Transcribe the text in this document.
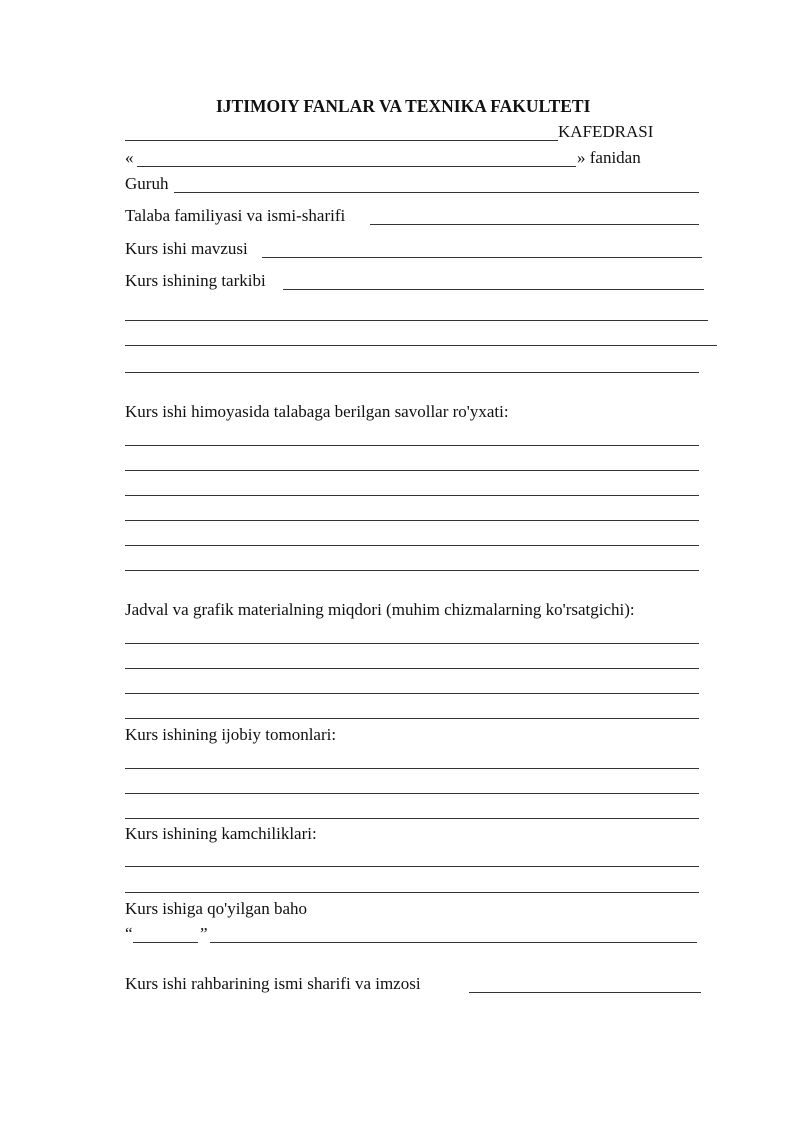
IJTIMOIY FANLAR VA TEXNIKA FAKULTETI
KAFEDRASI
«	» fanidan
Guruh
Talaba familiyasi va ismi-sharifi
Kurs ishi mavzusi
Kurs ishining tarkibi
Kurs ishi himoyasida talabaga berilgan savollar ro'yxati:
Jadval va grafik materialning miqdori (muhim chizmalarning ko'rsatgichi):
Kurs ishining ijobiy tomonlari:
Kurs ishining kamchiliklari:
Kurs ishiga qo'yilgan baho
“	”
Kurs ishi rahbarining ismi sharifi va imzosi
